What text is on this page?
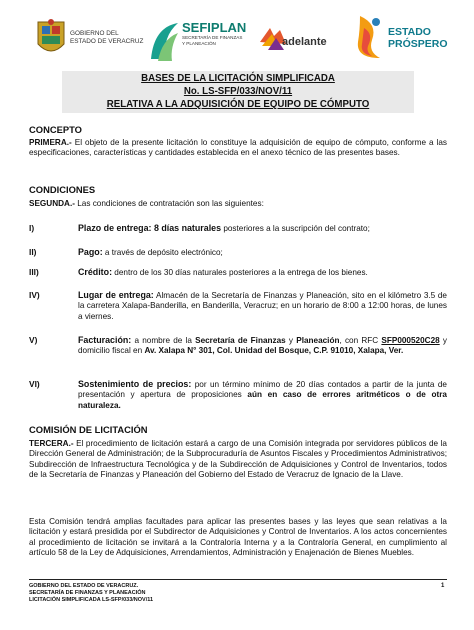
GOBIERNO DEL
ESTADO DE VERACRUZ
SEFIPLAN
SECRETARÍA DE FINANZAS
Y PLANEACIÓN	adelante
ESTADO
PRÓSPERO
BASES DE LA LICITACIÓN SIMPLIFICADA
No. LS-SFP/033/NOV/11
RELATIVA A LA ADQUISICIÓN DE EQUIPO DE CÓMPUTO
CONCEPTO
PRIMERA.- El objeto de la presente licitación lo constituye la adquisición de equipo de cómputo, conforme a las especificaciones, características y cantidades establecida en el anexo técnico de las presentes bases.
CONDICIONES
SEGUNDA.- Las condiciones de contratación son las siguientes:
I)	Plazo de entrega: 8 días naturales posteriores a la suscripción del contrato;
II)	Pago: a través de depósito electrónico;
III)	Crédito: dentro de los 30 días naturales posteriores a la entrega de los bienes.
IV)	Lugar de entrega: Almacén de la Secretaría de Finanzas y Planeación, sito en el kilómetro 3.5 de la carretera Xalapa-Banderilla, en Banderilla, Veracruz; en un horario de 8:00 a 12:00 horas, de lunes a viernes.
V)	Facturación: a nombre de la Secretaría de Finanzas y Planeación, con RFC SFP000520C28 y domicilio fiscal en Av. Xalapa N° 301, Col. Unidad del Bosque, C.P. 91010, Xalapa, Ver.
VI)	Sostenimiento de precios: por un término mínimo de 20 días contados a partir de la junta de presentación y apertura de proposiciones aún en caso de errores aritméticos o de otra naturaleza.
COMISIÓN DE LICITACIÓN
TERCERA.- El procedimiento de licitación estará a cargo de una Comisión integrada por servidores públicos de la Dirección General de Administración; de la Subprocuraduría de Asuntos Fiscales y Procedimientos Administrativos; Subdirección de Infraestructura Tecnológica y de la Subdirección de Adquisiciones y Control de Inventarios, todos de la Secretaría de Finanzas y Planeación del Gobierno del Estado de Veracruz de Ignacio de la Llave.
Esta Comisión tendrá amplias facultades para aplicar las presentes bases y las leyes que sean relativas a la licitación y estará presidida por el Subdirector de Adquisiciones y Control de Inventarios. A los actos concernientes al procedimiento de licitación se invitará a la Contraloría Interna y a la Contraloría General, en cumplimiento al artículo 58 de la Ley de Adquisiciones, Arrendamientos, Administración y Enajenación de Bienes Muebles.
GOBIERNO DEL ESTADO DE VERACRUZ.
SECRETARÍA DE FINANZAS Y PLANEACIÓN
LICITACIÓN SIMPLIFICADA LS-SFP/033/NOV/11
1
